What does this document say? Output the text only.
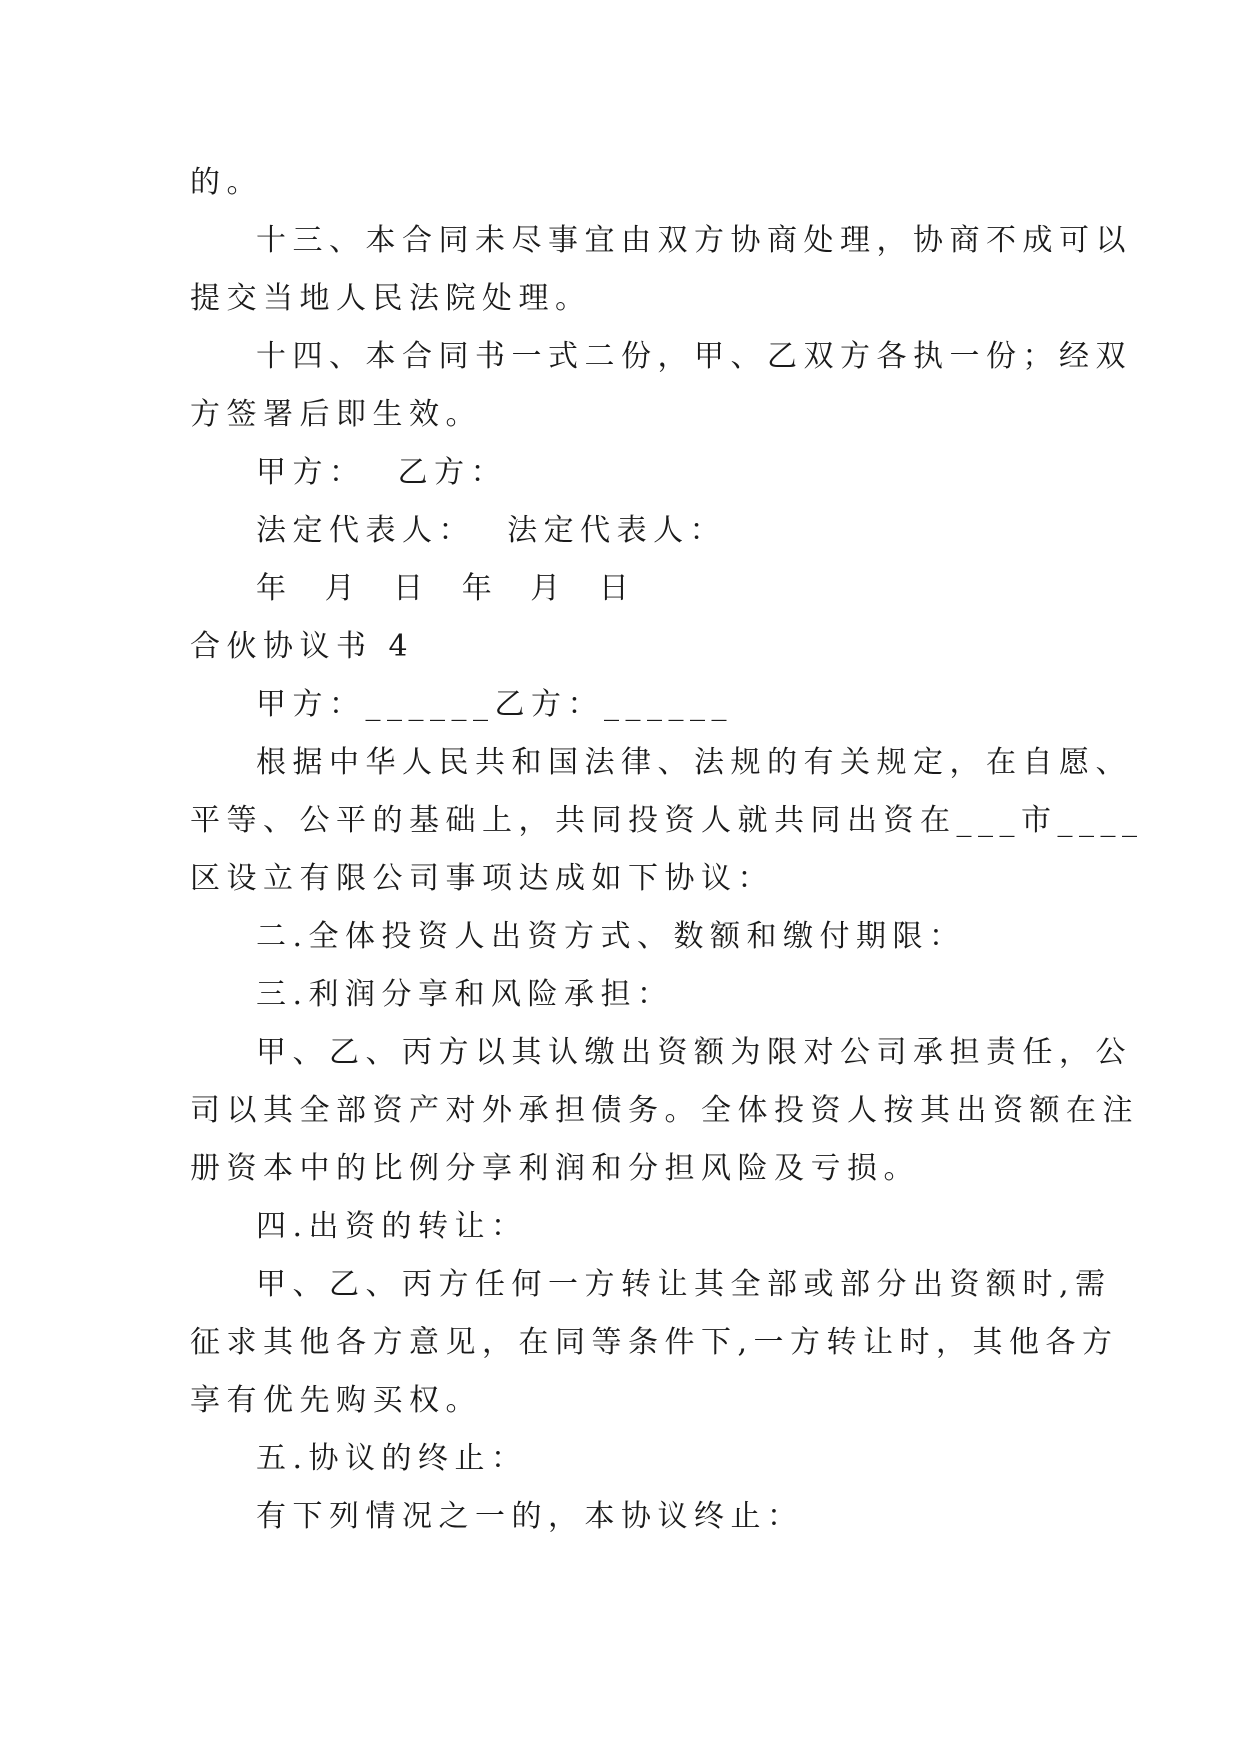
的。
十三、本合同未尽事宜由双方协商处理，协商不成可以
提交当地人民法院处理。
十四、本合同书一式二份，甲、乙双方各执一份；经双
方签署后即生效。
甲方：  乙方：
法定代表人：  法定代表人：
年  月  日  年  月  日
合伙协议书 4
甲方：______乙方：______
根据中华人民共和国法律、法规的有关规定，在自愿、
平等、公平的基础上，共同投资人就共同出资在___市____
区设立有限公司事项达成如下协议：
二.全体投资人出资方式、数额和缴付期限：
三.利润分享和风险承担：
甲、乙、丙方以其认缴出资额为限对公司承担责任，公
司以其全部资产对外承担债务。全体投资人按其出资额在注
册资本中的比例分享利润和分担风险及亏损。
四.出资的转让：
甲、乙、丙方任何一方转让其全部或部分出资额时,需
征求其他各方意见，在同等条件下,一方转让时，其他各方
享有优先购买权。
五.协议的终止：
有下列情况之一的，本协议终止：
